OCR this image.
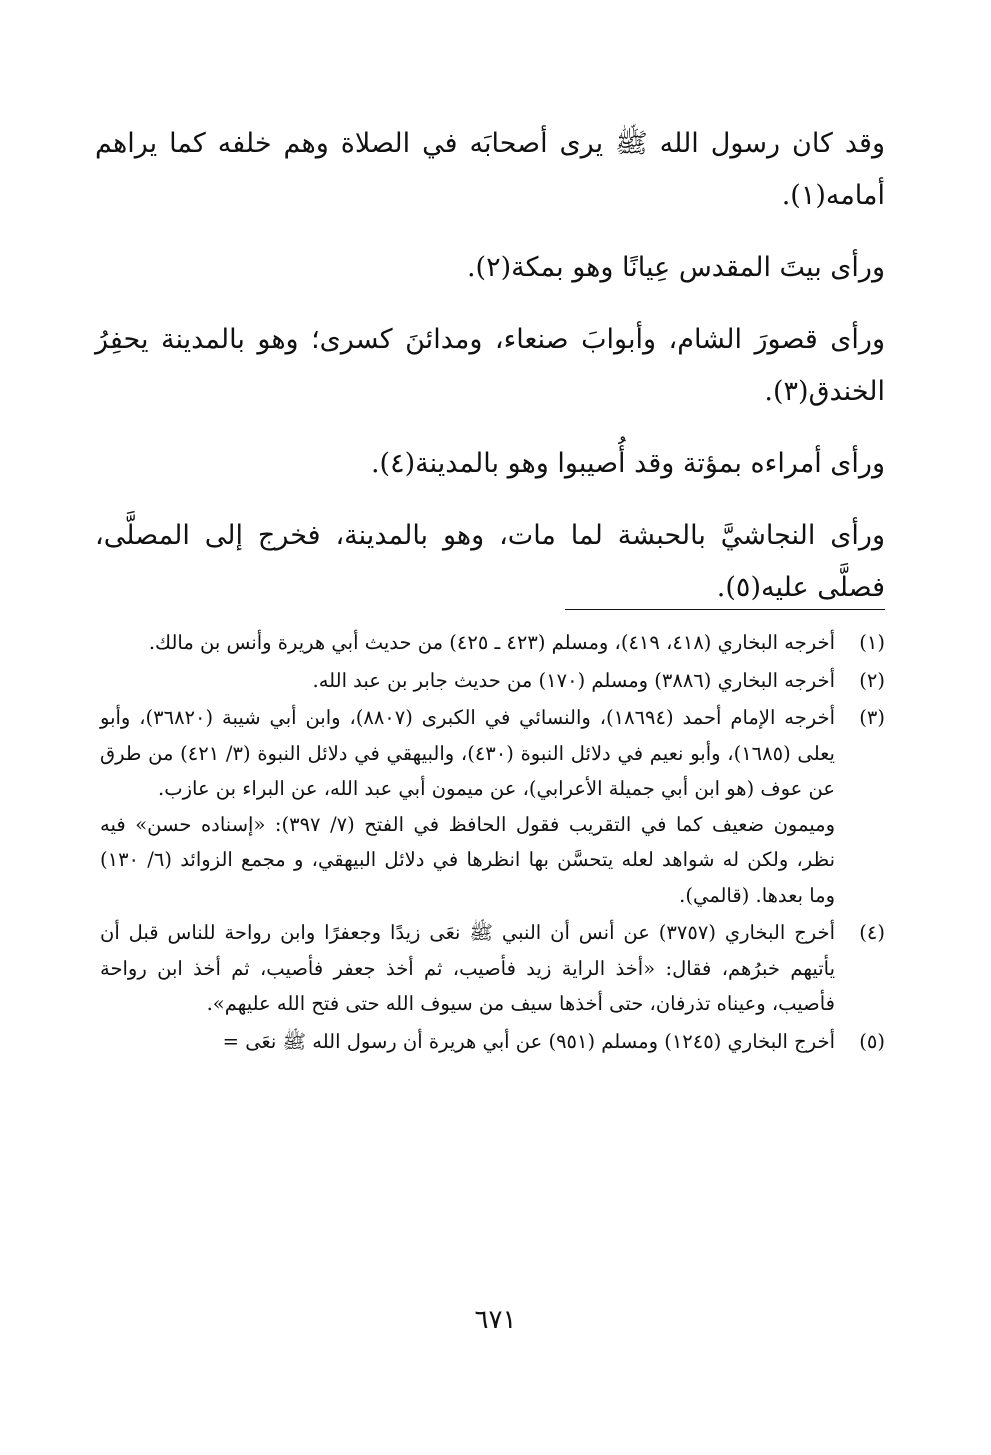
وقد كان رسول الله ﷺ يرى أصحابَه في الصلاة وهم خلفه كما يراهم أمامه(١).

ورأى بيتَ المقدس عِيانًا وهو بمكة(٢).

ورأى قصورَ الشام، وأبوابَ صنعاء، ومدائنَ كسرى؛ وهو بالمدينة يحفِرُ الخندق(٣).

ورأى أمراءه بمؤتة وقد أُصيبوا وهو بالمدينة(٤).

ورأى النجاشيَّ بالحبشة لما مات، وهو بالمدينة، فخرج إلى المصلَّى، فصلَّى عليه(٥).

(١)

أخرجه البخاري (٤١٨، ٤١٩)، ومسلم (٤٢٣ ـ ٤٢٥) من حديث أبي هريرة وأنس بن مالك.

(٢)

أخرجه البخاري (٣٨٨٦) ومسلم (١٧٠) من حديث جابر بن عبد الله.

(٣)

أخرجه الإمام أحمد (١٨٦٩٤)، والنسائي في الكبرى (٨٨٠٧)، وابن أبي شيبة (٣٦٨٢٠)، وأبو يعلى (١٦٨٥)، وأبو نعيم في دلائل النبوة (٤٣٠)، والبيهقي في دلائل النبوة (٣/ ٤٢١) من طرق عن عوف (هو ابن أبي جميلة الأعرابي)، عن ميمون أبي عبد الله، عن البراء بن عازب.

وميمون ضعيف كما في التقريب فقول الحافظ في الفتح (٧/ ٣٩٧): «إسناده حسن» فيه نظر، ولكن له شواهد لعله يتحسَّن بها انظرها في دلائل البيهقي، و مجمع الزوائد (٦/ ١٣٠) وما بعدها. (قالمي).

(٤)

أخرج البخاري (٣٧٥٧) عن أنس أن النبي ﷺ نعَى زيدًا وجعفرًا وابن رواحة للناس قبل أن يأتيهم خبرُهم، فقال: «أخذ الراية زيد فأصيب، ثم أخذ جعفر فأصيب، ثم أخذ ابن رواحة فأصيب، وعيناه تذرفان، حتى أخذها سيف من سيوف الله حتى فتح الله عليهم».

(٥)

أخرج البخاري (١٢٤٥) ومسلم (٩٥١) عن أبي هريرة أن رسول الله ﷺ نعَى =

٦٧١
